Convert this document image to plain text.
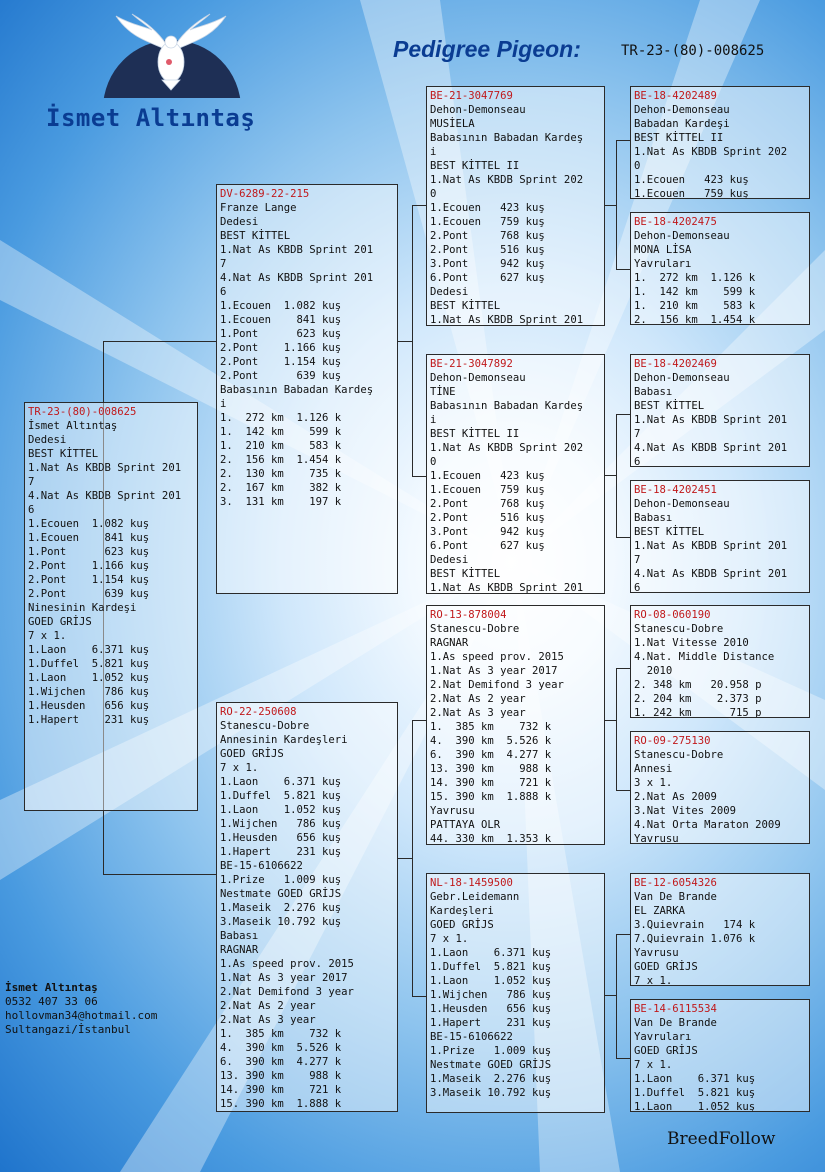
İsmet Altıntaş
Pedigree Pigeon:	TR-23-(80)-008625
TR-23-(80)-008625
İsmet Altıntaş
Dedesi
BEST KİTTEL
1.Nat As KBDB Sprint 201
7
4.Nat As KBDB Sprint 201
6
1.Ecouen  1.082 kuş
1.Ecouen    841 kuş
1.Pont      623 kuş
2.Pont    1.166 kuş
2.Pont    1.154 kuş
2.Pont      639 kuş
Ninesinin Kardeşi
GOED GRİJS
7 x 1.
1.Laon    6.371 kuş
1.Duffel  5.821 kuş
1.Laon    1.052 kuş
1.Wijchen   786 kuş
1.Heusden   656 kuş
1.Hapert    231 kuş
DV-6289-22-215
Franze Lange
Dedesi
BEST KİTTEL
1.Nat As KBDB Sprint 201
7
4.Nat As KBDB Sprint 201
6
1.Ecouen  1.082 kuş
1.Ecouen    841 kuş
1.Pont      623 kuş
2.Pont    1.166 kuş
2.Pont    1.154 kuş
2.Pont      639 kuş
Babasının Babadan Kardeş
i
1.  272 km  1.126 k
1.  142 km    599 k
1.  210 km    583 k
2.  156 km  1.454 k
2.  130 km    735 k
2.  167 km    382 k
3.  131 km    197 k
RO-22-250608
Stanescu-Dobre
Annesinin Kardeşleri
GOED GRİJS
7 x 1.
1.Laon    6.371 kuş
1.Duffel  5.821 kuş
1.Laon    1.052 kuş
1.Wijchen   786 kuş
1.Heusden   656 kuş
1.Hapert    231 kuş
BE-15-6106622
1.Prize   1.009 kuş
Nestmate GOED GRİJS
1.Maseik  2.276 kuş
3.Maseik 10.792 kuş
Babası
RAGNAR
1.As speed prov. 2015
1.Nat As 3 year 2017
2.Nat Demifond 3 year
2.Nat As 2 year
2.Nat As 3 year
1.  385 km    732 k
4.  390 km  5.526 k
6.  390 km  4.277 k
13. 390 km    988 k
14. 390 km    721 k
15. 390 km  1.888 k
BE-21-3047769
Dehon-Demonseau
MUSİELA
Babasının Babadan Kardeş
i
BEST KİTTEL II
1.Nat As KBDB Sprint 202
0
1.Ecouen   423 kuş
1.Ecouen   759 kuş
2.Pont     768 kuş
2.Pont     516 kuş
3.Pont     942 kuş
6.Pont     627 kuş
Dedesi
BEST KİTTEL
1.Nat As KBDB Sprint 201
BE-21-3047892
Dehon-Demonseau
TİNE
Babasının Babadan Kardeş
i
BEST KİTTEL II
1.Nat As KBDB Sprint 202
0
1.Ecouen   423 kuş
1.Ecouen   759 kuş
2.Pont     768 kuş
2.Pont     516 kuş
3.Pont     942 kuş
6.Pont     627 kuş
Dedesi
BEST KİTTEL
1.Nat As KBDB Sprint 201
RO-13-878004
Stanescu-Dobre
RAGNAR
1.As speed prov. 2015
1.Nat As 3 year 2017
2.Nat Demifond 3 year
2.Nat As 2 year
2.Nat As 3 year
1.  385 km    732 k
4.  390 km  5.526 k
6.  390 km  4.277 k
13. 390 km    988 k
14. 390 km    721 k
15. 390 km  1.888 k
Yavrusu
PATTAYA OLR
44. 330 km  1.353 k
NL-18-1459500
Gebr.Leidemann
Kardeşleri
GOED GRİJS
7 x 1.
1.Laon    6.371 kuş
1.Duffel  5.821 kuş
1.Laon    1.052 kuş
1.Wijchen   786 kuş
1.Heusden   656 kuş
1.Hapert    231 kuş
BE-15-6106622
1.Prize   1.009 kuş
Nestmate GOED GRİJS
1.Maseik  2.276 kuş
3.Maseik 10.792 kuş
BE-18-4202489
Dehon-Demonseau
Babadan Kardeşi
BEST KİTTEL II
1.Nat As KBDB Sprint 202
0
1.Ecouen   423 kuş
1.Ecouen   759 kuş
BE-18-4202475
Dehon-Demonseau
MONA LİSA
Yavruları
1.  272 km  1.126 k
1.  142 km    599 k
1.  210 km    583 k
2.  156 km  1.454 k
BE-18-4202469
Dehon-Demonseau
Babası
BEST KİTTEL
1.Nat As KBDB Sprint 201
7
4.Nat As KBDB Sprint 201
6
BE-18-4202451
Dehon-Demonseau
Babası
BEST KİTTEL
1.Nat As KBDB Sprint 201
7
4.Nat As KBDB Sprint 201
6
RO-08-060190
Stanescu-Dobre
1.Nat Vitesse 2010
4.Nat. Middle Distance
2010
2. 348 km   20.958 p
2. 204 km    2.373 p
1. 242 km      715 p
RO-09-275130
Stanescu-Dobre
Annesi
3 x 1.
2.Nat As 2009
3.Nat Vites 2009
4.Nat Orta Maraton 2009
Yavrusu
BE-12-6054326
Van De Brande
EL ZARKA
3.Quievrain   174 k
7.Quievrain 1.076 k
Yavrusu
GOED GRİJS
7 x 1.
BE-14-6115534
Van De Brande
Yavruları
GOED GRİJS
7 x 1.
1.Laon    6.371 kuş
1.Duffel  5.821 kuş
1.Laon    1.052 kuş
İsmet Altıntaş
0532 407 33 06
hollovman34@hotmail.com
Sultangazi/İstanbul
BreedFollow
